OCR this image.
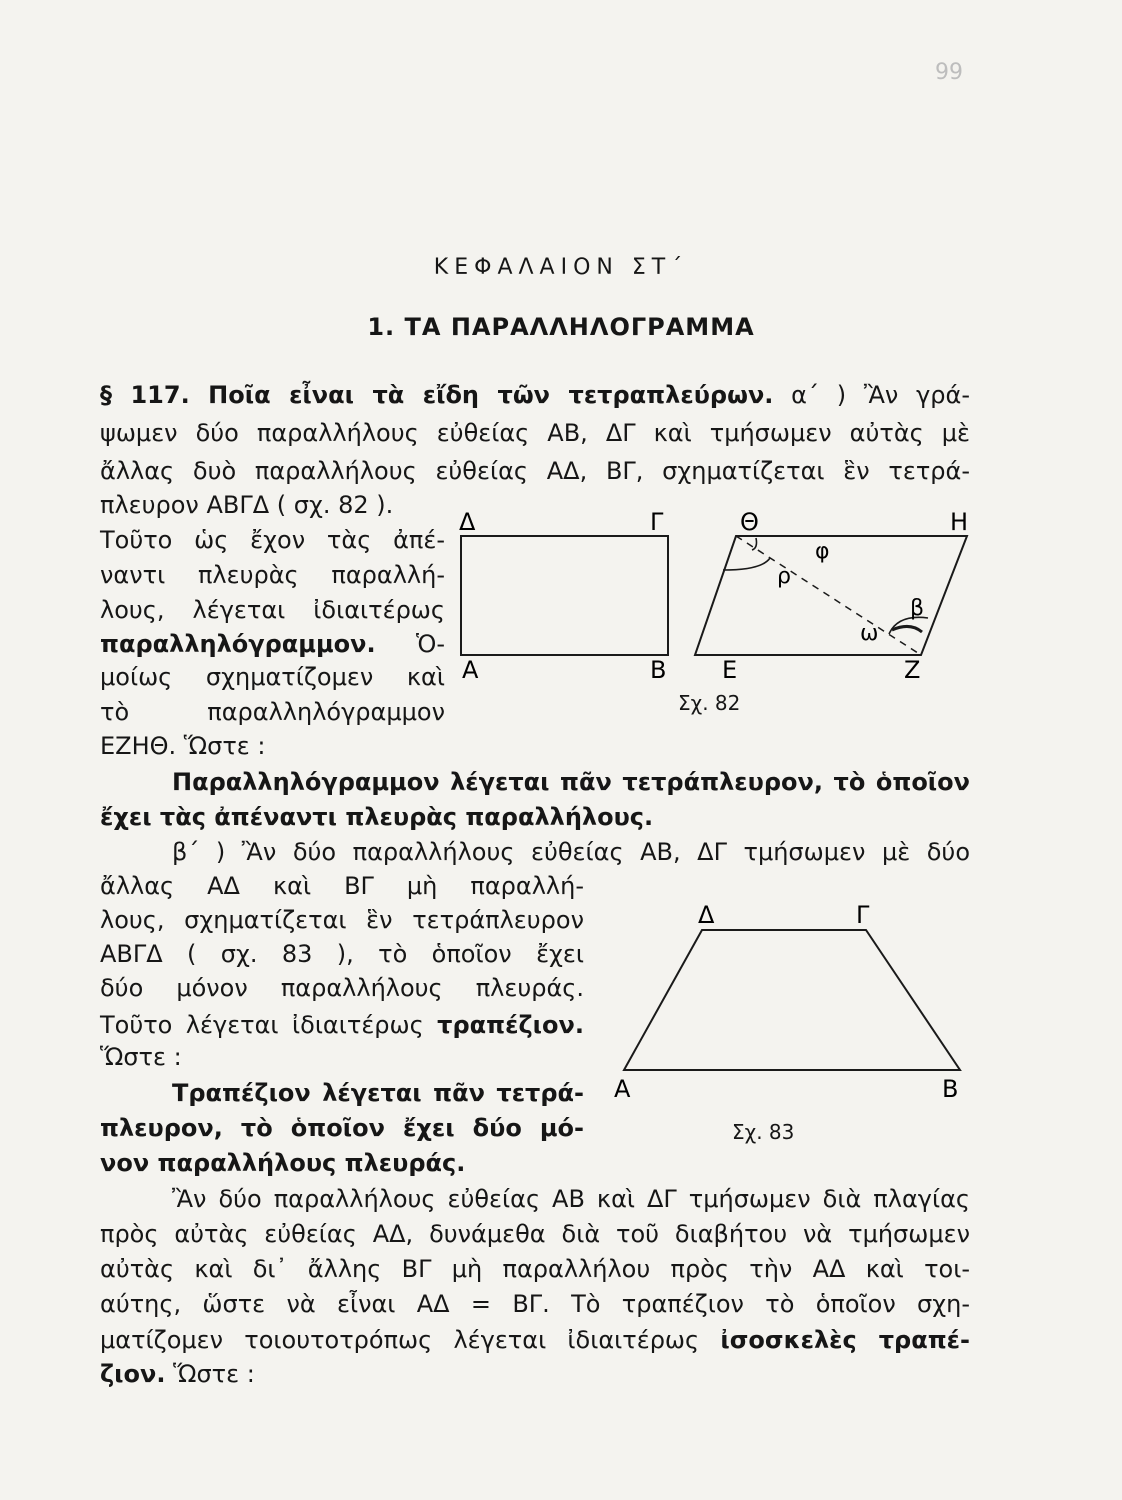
99
ΚΕΦΑΛΑΙΟΝ ΣΤ΄
1. ΤΑ ΠΑΡΑΛΛΗΛΟΓΡΑΜΜΑ
§ 117. Ποῖα εἶναι τὰ εἴδη τῶν τετραπλεύρων. α΄ ) Ἂν γρά-
ψωμεν δύο παραλλήλους εὐθείας ΑΒ, ΔΓ καὶ τμήσωμεν αὐτὰς μὲ
ἄλλας δυὸ παραλλήλους εὐθείας ΑΔ, ΒΓ, σχηματίζεται ἓν τετρά-
πλευρον ΑΒΓΔ ( σχ. 82 ).
Τοῦτο ὡς ἔχον τὰς ἀπέ-
ναντι πλευρὰς παραλλή-
λους, λέγεται ἰδιαιτέρως
παραλληλόγραμμον. Ὁ-
μοίως σχηματίζομεν καὶ
τὸ παραλληλόγραμμον
ΕΖΗΘ. Ὥστε :
Παραλληλόγραμμον λέγεται πᾶν τετράπλευρον, τὸ ὁποῖον
ἔχει τὰς ἀπέναντι πλευρὰς παραλλήλους.
β΄ ) Ἂν δύο παραλλήλους εὐθείας ΑΒ, ΔΓ τμήσωμεν μὲ δύο
ἄλλας ΑΔ καὶ ΒΓ μὴ παραλλή-
λους, σχηματίζεται ἓν τετράπλευρον
ΑΒΓΔ ( σχ. 83 ), τὸ ὁποῖον ἔχει
δύο μόνον παραλλήλους πλευράς.
Τοῦτο λέγεται ἰδιαιτέρως τραπέζιον.
Ὥστε :
Τραπέζιον λέγεται πᾶν τετρά-
πλευρον, τὸ ὁποῖον ἔχει δύο μό-
νον παραλλήλους πλευράς.
Ἂν δύο παραλλήλους εὐθείας ΑΒ καὶ ΔΓ τμήσωμεν διὰ πλαγίας
πρὸς αὐτὰς εὐθείας ΑΔ, δυνάμεθα διὰ τοῦ διαβήτου νὰ τμήσωμεν
αὐτὰς καὶ δι᾽ ἄλλης ΒΓ μὴ παραλλήλου πρὸς τὴν ΑΔ καὶ τοι-
αύτης, ὥστε νὰ εἶναι ΑΔ = ΒΓ. Τὸ τραπέζιον τὸ ὁποῖον σχη-
ματίζομεν τοιουτοτρόπως λέγεται ἰδιαιτέρως ἰσοσκελὲς τραπέ-
ζιον. Ὥστε :
Δ	Γ
Α	Β
Θ	Η
Ε	Ζ
φ
ρ
β
ω
Σχ. 82
Δ	Γ
Α	Β
Σχ. 83
